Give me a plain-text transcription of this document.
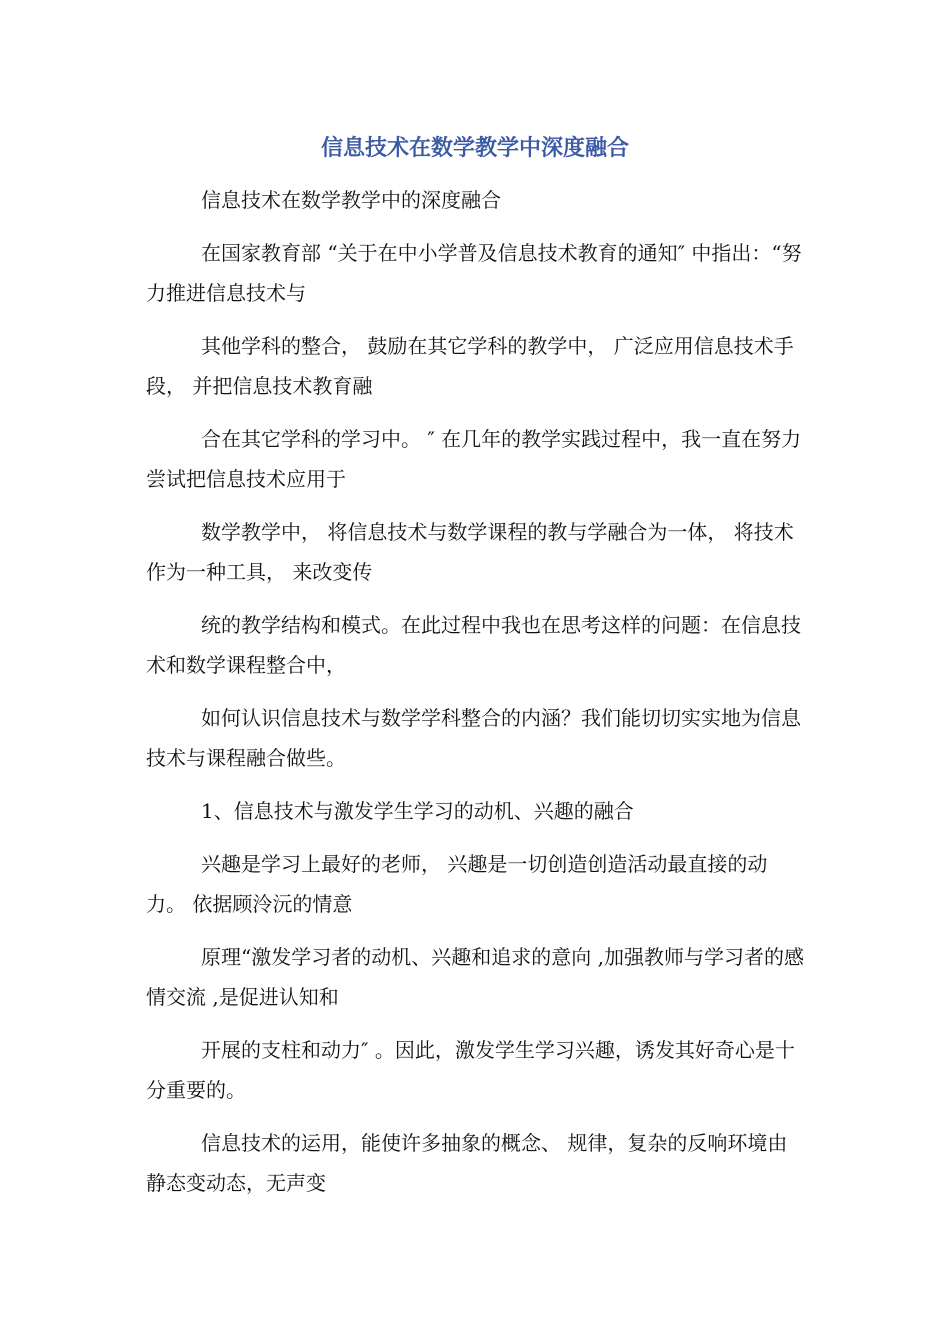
信息技术在数学教学中深度融合

信息技术在数学教学中的深度融合

在国家教育部 “关于在中小学普及信息技术教育的通知″ 中指出：“努力推进信息技术与

其他学科的整合， 鼓励在其它学科的教学中， 广泛应用信息技术手段， 并把信息技术教育融

合在其它学科的学习中。 ″ 在几年的教学实践过程中，我一直在努力尝试把信息技术应用于

数学教学中， 将信息技术与数学课程的教与学融合为一体， 将技术作为一种工具， 来改变传

统的教学结构和模式。在此过程中我也在思考这样的问题：在信息技术和数学课程整合中，

如何认识信息技术与数学学科整合的内涵？我们能切切实实地为信息技术与课程融合做些。

1、信息技术与激发学生学习的动机、兴趣的融合

兴趣是学习上最好的老师， 兴趣是一切创造创造活动最直接的动力。 依据顾泠沅的情意

原理“激发学习者的动机、兴趣和追求的意向 ,加强教师与学习者的感情交流 ,是促进认知和

开展的支柱和动力″ 。因此，激发学生学习兴趣，诱发其好奇心是十分重要的。

信息技术的运用，能使许多抽象的概念、 规律，复杂的反响环境由静态变动态，无声变
